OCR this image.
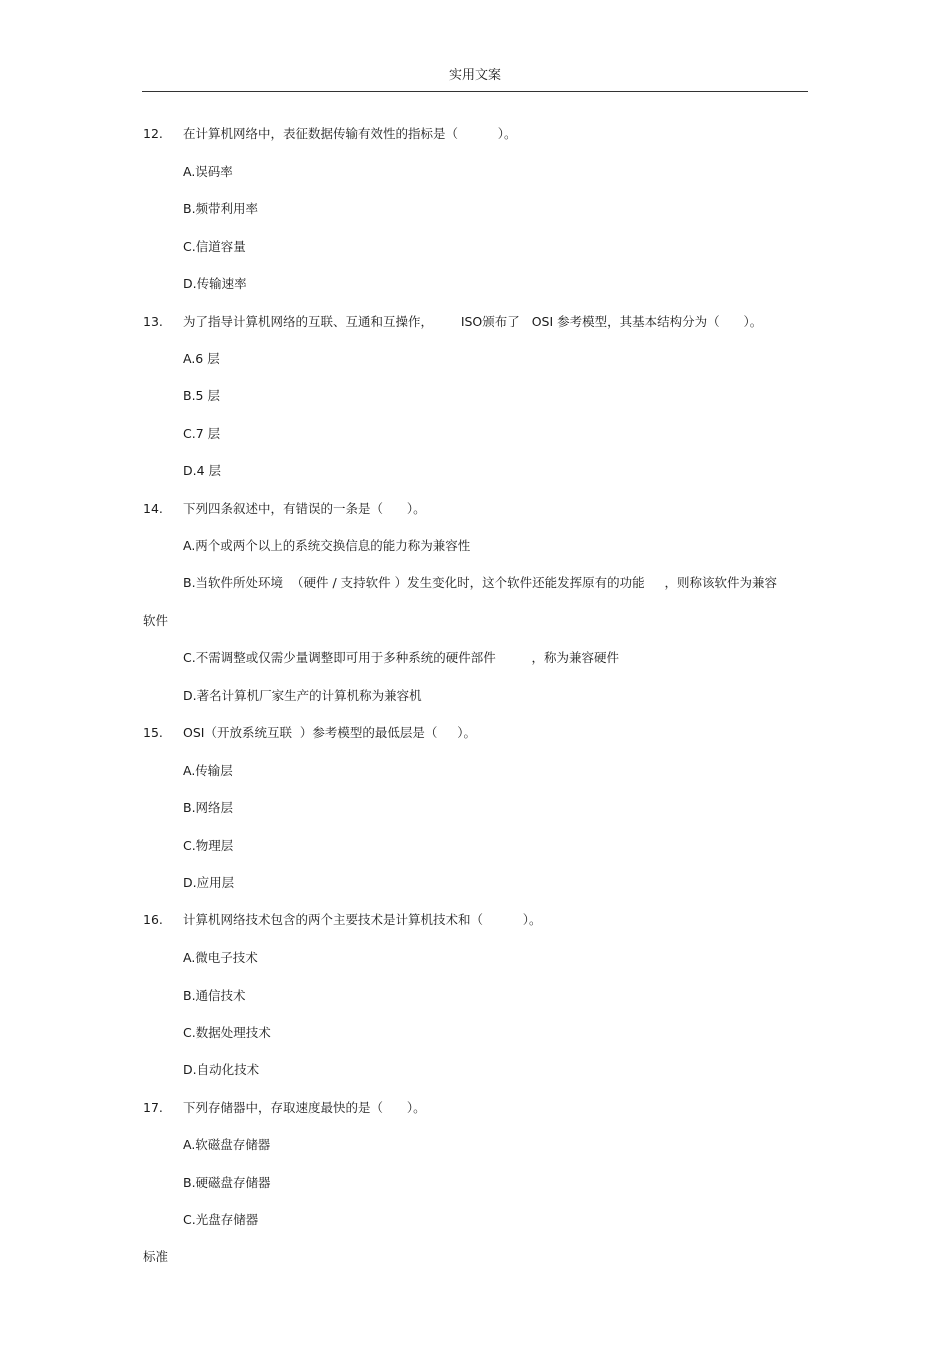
实用文案
12. 在计算机网络中，表征数据传输有效性的指标是（          ）。
A.误码率
B.频带利用率
C.信道容量
D.传输速率
13. 为了指导计算机网络的互联、互通和互操作，       ISO颁布了   OSI 参考模型，其基本结构分为（      ）。
A.6 层
B.5 层
C.7 层
D.4 层
14. 下列四条叙述中，有错误的一条是（      ）。
A.两个或两个以上的系统交换信息的能力称为兼容性
B.当软件所处环境  （硬件 / 支持软件 ）发生变化时，这个软件还能发挥原有的功能     ，则称该软件为兼容
软件
C.不需调整或仅需少量调整即可用于多种系统的硬件部件         ，称为兼容硬件
D.著名计算机厂家生产的计算机称为兼容机
15. OSI（开放系统互联  ）参考模型的最低层是（     ）。
A.传输层
B.网络层
C.物理层
D.应用层
16. 计算机网络技术包含的两个主要技术是计算机技术和（          ）。
A.微电子技术
B.通信技术
C.数据处理技术
D.自动化技术
17. 下列存储器中，存取速度最快的是（      ）。
A.软磁盘存储器
B.硬磁盘存储器
C.光盘存储器
标准
